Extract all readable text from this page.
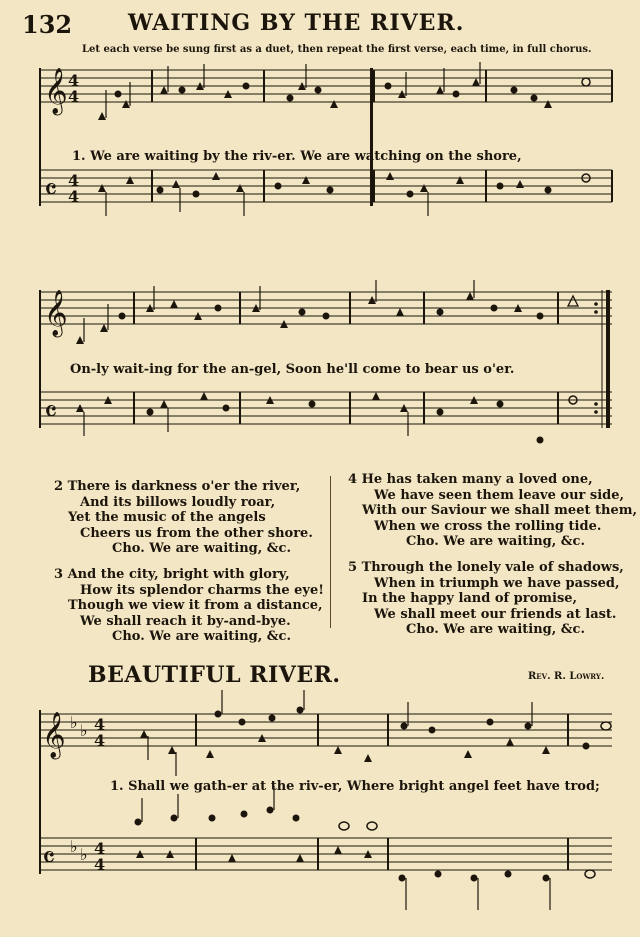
132	WAITING BY THE RIVER.
Let each verse be sung first as a duet, then repeat the first verse, each time, in full chorus.
𝄞 4
4
𝄴 4
4
1. We are waiting by the riv-er. We are watching on the shore,
𝄞
𝄴
On-ly wait-ing for the an-gel, Soon he'll come to bear us o'er.
2 There is darkness o'er the river,
And its billows loudly roar,
Yet the music of the angels
Cheers us from the other shore.
Cho. We are waiting, &c.
3 And the city, bright with glory,
How its splendor charms the eye!
Though we view it from a distance,
We shall reach it by-and-bye.
Cho. We are waiting, &c.
4 He has taken many a loved one,
We have seen them leave our side,
With our Saviour we shall meet them,
When we cross the rolling tide.
Cho. We are waiting, &c.
5 Through the lonely vale of shadows,
When in triumph we have passed,
In the happy land of promise,
We shall meet our friends at last.
Cho. We are waiting, &c.
BEAUTIFUL RIVER.	Rev. R. Lowry.
𝄞 ♭ ♭ 4
4
𝄴 ♭ ♭ 4
4
1. Shall we gath-er at the riv-er, Where bright angel feet have trod;
